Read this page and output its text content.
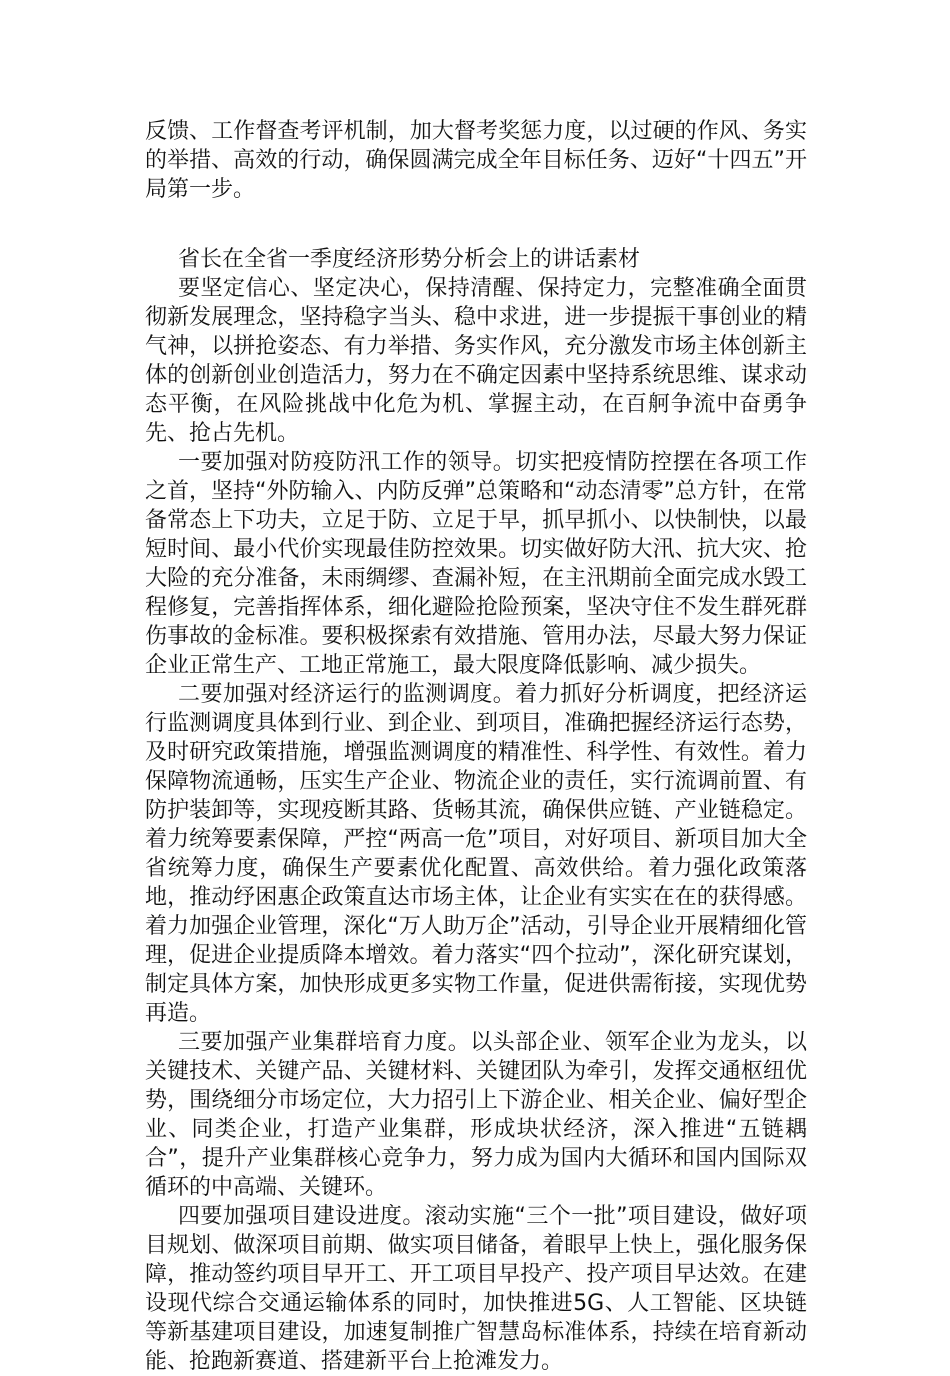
反馈、工作督查考评机制，加大督考奖惩力度，以过硬的作风、务实的举措、高效的行动，确保圆满完成全年目标任务、迈好“十四五”开局第一步。

省长在全省一季度经济形势分析会上的讲话素材

要坚定信心、坚定决心，保持清醒、保持定力，完整准确全面贯彻新发展理念，坚持稳字当头、稳中求进，进一步提振干事创业的精气神，以拼抢姿态、有力举措、务实作风，充分激发市场主体创新主体的创新创业创造活力，努力在不确定因素中坚持系统思维、谋求动态平衡，在风险挑战中化危为机、掌握主动，在百舸争流中奋勇争先、抢占先机。

一要加强对防疫防汛工作的领导。切实把疫情防控摆在各项工作之首，坚持“外防输入、内防反弹”总策略和“动态清零”总方针，在常备常态上下功夫，立足于防、立足于早，抓早抓小、以快制快，以最短时间、最小代价实现最佳防控效果。切实做好防大汛、抗大灾、抢大险的充分准备，未雨绸缪、查漏补短，在主汛期前全面完成水毁工程修复，完善指挥体系，细化避险抢险预案，坚决守住不发生群死群伤事故的金标准。要积极探索有效措施、管用办法，尽最大努力保证企业正常生产、工地正常施工，最大限度降低影响、减少损失。

二要加强对经济运行的监测调度。着力抓好分析调度，把经济运行监测调度具体到行业、到企业、到项目，准确把握经济运行态势，及时研究政策措施，增强监测调度的精准性、科学性、有效性。着力保障物流通畅，压实生产企业、物流企业的责任，实行流调前置、有防护装卸等，实现疫断其路、货畅其流，确保供应链、产业链稳定。着力统筹要素保障，严控“两高一危”项目，对好项目、新项目加大全省统筹力度，确保生产要素优化配置、高效供给。着力强化政策落地，推动纾困惠企政策直达市场主体，让企业有实实在在的获得感。着力加强企业管理，深化“万人助万企”活动，引导企业开展精细化管理，促进企业提质降本增效。着力落实“四个拉动”，深化研究谋划，制定具体方案，加快形成更多实物工作量，促进供需衔接，实现优势再造。

三要加强产业集群培育力度。以头部企业、领军企业为龙头，以关键技术、关键产品、关键材料、关键团队为牵引，发挥交通枢纽优势，围绕细分市场定位，大力招引上下游企业、相关企业、偏好型企业、同类企业，打造产业集群，形成块状经济，深入推进“五链耦合”，提升产业集群核心竞争力，努力成为国内大循环和国内国际双循环的中高端、关键环。

四要加强项目建设进度。滚动实施“三个一批”项目建设，做好项目规划、做深项目前期、做实项目储备，着眼早上快上，强化服务保障，推动签约项目早开工、开工项目早投产、投产项目早达效。在建设现代综合交通运输体系的同时，加快推进5G、人工智能、区块链等新基建项目建设，加速复制推广智慧岛标准体系，持续在培育新动能、抢跑新赛道、搭建新平台上抢滩发力。
